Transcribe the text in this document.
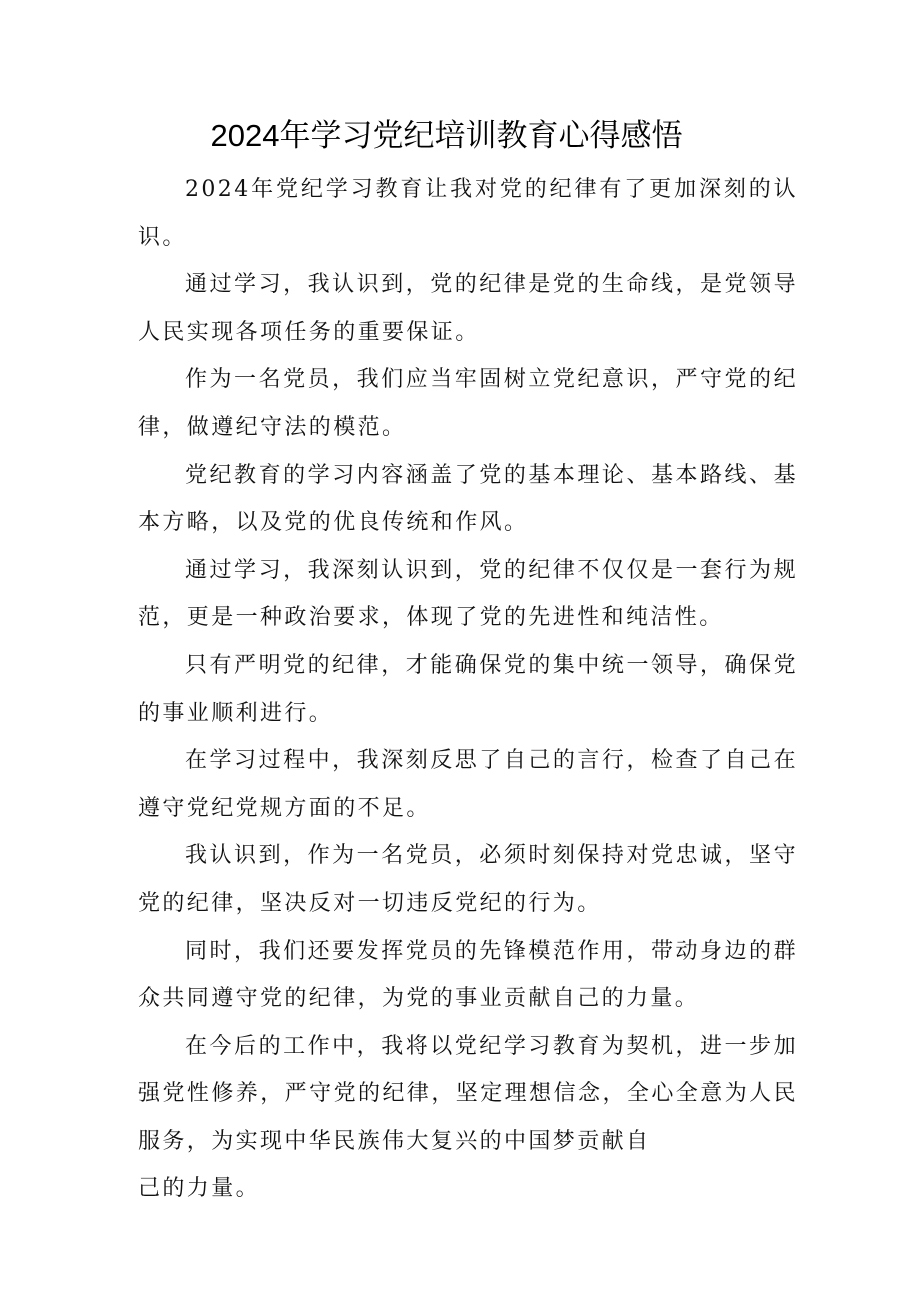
2024年学习党纪培训教育心得感悟

2024年党纪学习教育让我对党的纪律有了更加深刻的认识。

通过学习，我认识到，党的纪律是党的生命线，是党领导人民实现各项任务的重要保证。

作为一名党员，我们应当牢固树立党纪意识，严守党的纪律，做遵纪守法的模范。

党纪教育的学习内容涵盖了党的基本理论、基本路线、基本方略，以及党的优良传统和作风。

通过学习，我深刻认识到，党的纪律不仅仅是一套行为规范，更是一种政治要求，体现了党的先进性和纯洁性。

只有严明党的纪律，才能确保党的集中统一领导，确保党的事业顺利进行。

在学习过程中，我深刻反思了自己的言行，检查了自己在遵守党纪党规方面的不足。

我认识到，作为一名党员，必须时刻保持对党忠诚，坚守党的纪律，坚决反对一切违反党纪的行为。

同时，我们还要发挥党员的先锋模范作用，带动身边的群众共同遵守党的纪律，为党的事业贡献自己的力量。

在今后的工作中，我将以党纪学习教育为契机，进一步加强党性修养，严守党的纪律，坚定理想信念，全心全意为人民服务，为实现中华民族伟大复兴的中国梦贡献自

己的力量。
